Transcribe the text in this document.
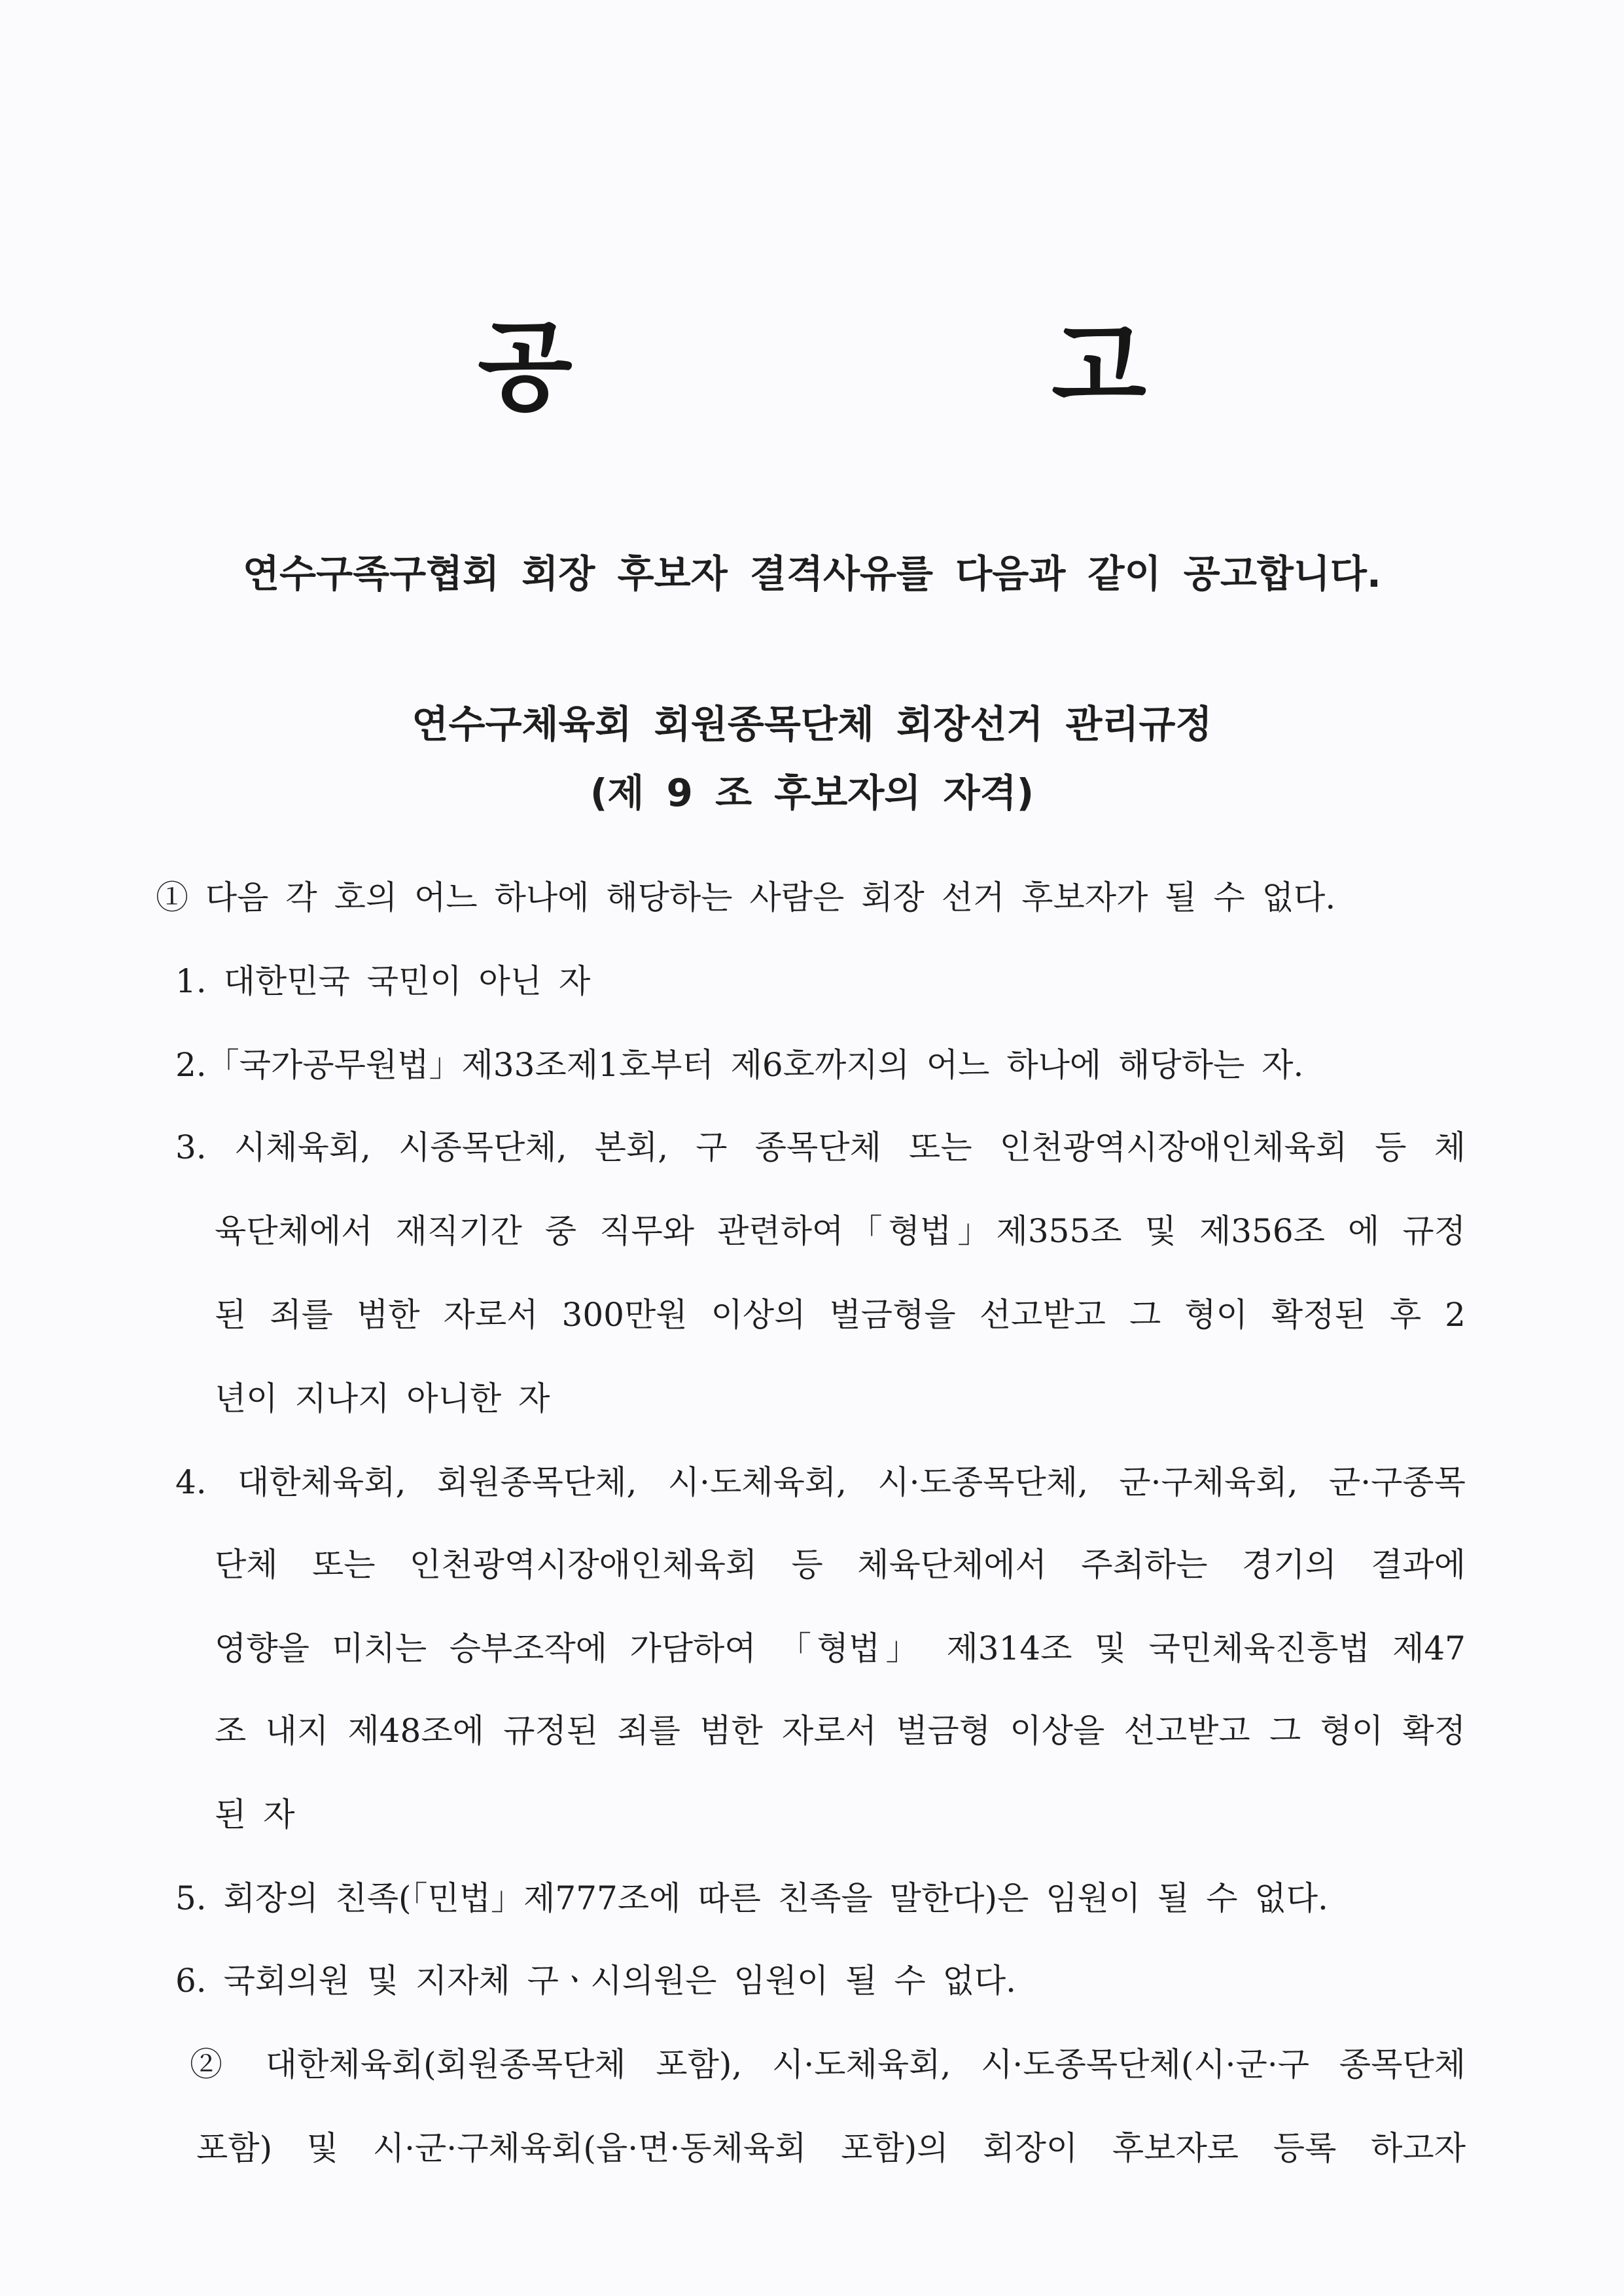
공 고
연수구족구협회 회장 후보자 결격사유를 다음과 같이 공고합니다.
연수구체육회 회원종목단체 회장선거 관리규정
(제 9 조 후보자의 자격)
① 다음 각 호의 어느 하나에 해당하는 사람은 회장 선거 후보자가 될 수 없다.
1. 대한민국 국민이 아닌 자
2.「국가공무원법」제33조제1호부터 제6호까지의 어느 하나에 해당하는 자.
3. 시체육회, 시종목단체, 본회, 구 종목단체 또는 인천광역시장애인체육회 등 체
육단체에서 재직기간 중 직무와 관련하여「형법」제355조 및 제356조 에 규정
된 죄를 범한 자로서 300만원 이상의 벌금형을 선고받고 그 형이 확정된 후 2
년이 지나지 아니한 자
4. 대한체육회, 회원종목단체, 시·도체육회, 시·도종목단체, 군·구체육회, 군·구종목
단체 또는 인천광역시장애인체육회 등 체육단체에서 주최하는 경기의 결과에
영향을 미치는 승부조작에 가담하여 「형법」 제314조 및 국민체육진흥법 제47
조 내지 제48조에 규정된 죄를 범한 자로서 벌금형 이상을 선고받고 그 형이 확정
된 자
5. 회장의 친족(「민법」제777조에 따른 친족을 말한다)은 임원이 될 수 없다.
6. 국회의원 및 지자체 구ㆍ시의원은 임원이 될 수 없다.
② 대한체육회(회원종목단체 포함), 시·도체육회, 시·도종목단체(시·군·구 종목단체
포함) 및 시·군·구체육회(읍·면·동체육회 포함)의 회장이 후보자로 등록 하고자
